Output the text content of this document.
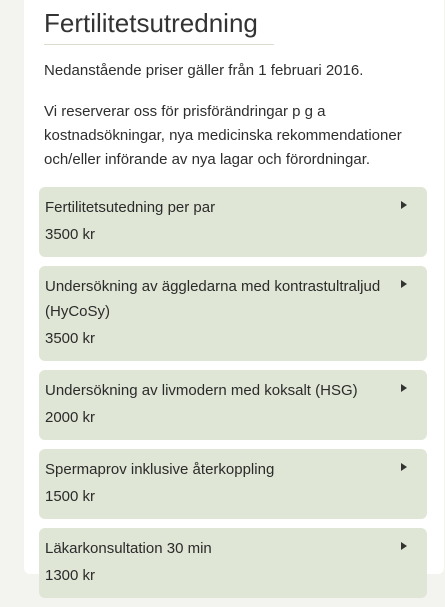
Fertilitetsutredning

Nedanstående priser gäller från 1 februari 2016.

Vi reserverar oss för prisförändringar p g a kostnadsökningar, nya medicinska rekommendationer och/eller införande av nya lagar och förordningar.

Fertilitetsutedning per par
3500 kr
Undersökning av äggledarna med kontrastultraljud (HyCoSy)
3500 kr
Undersökning av livmodern med koksalt (HSG)
2000 kr
Spermaprov inklusive återkoppling
1500 kr
Läkarkonsultation 30 min
1300 kr
